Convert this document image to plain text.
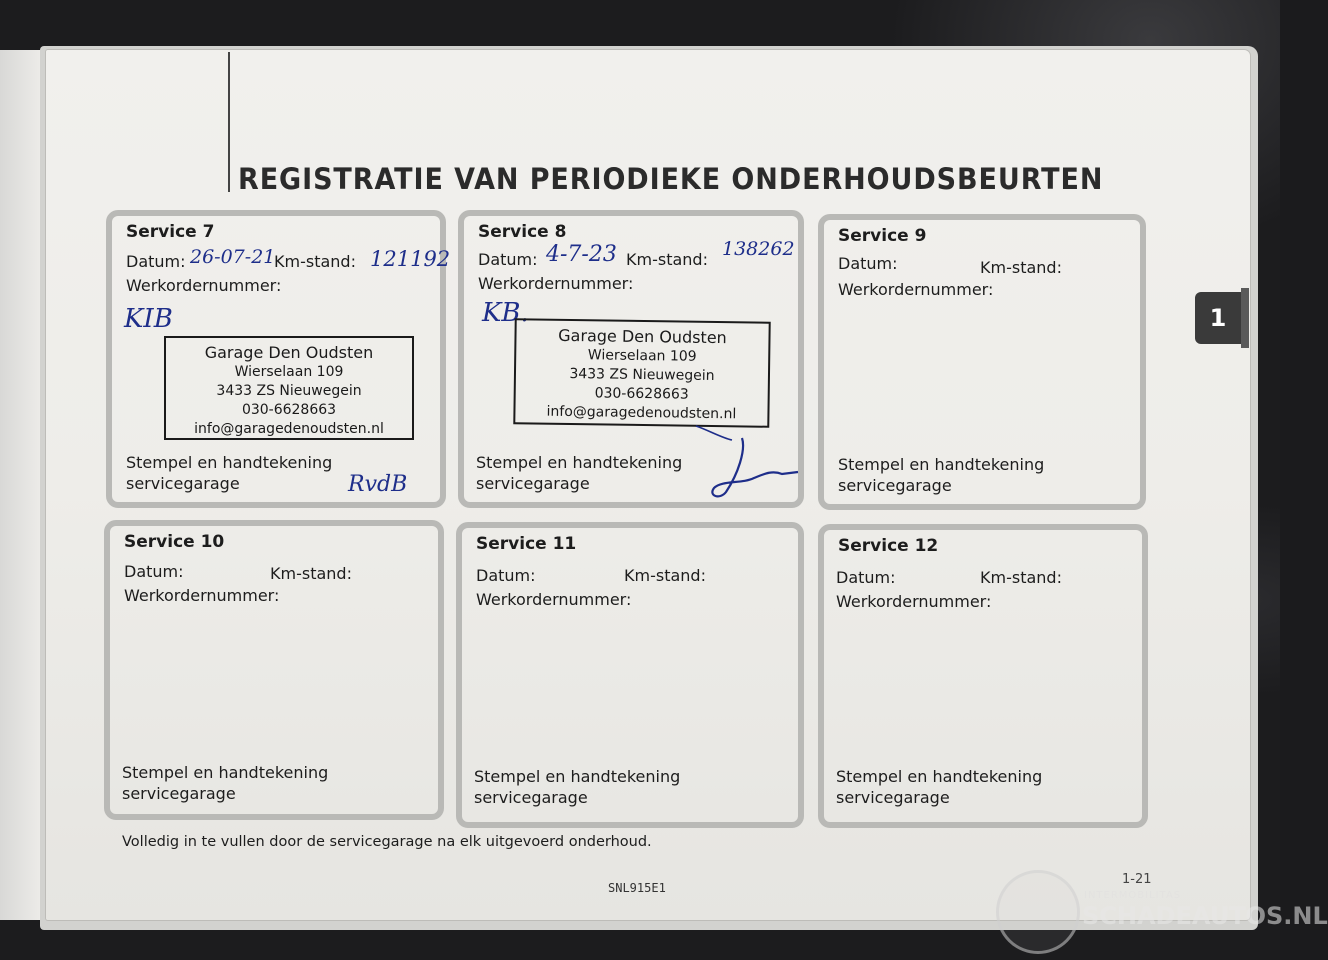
REGISTRATIE VAN PERIODIEKE ONDERHOUDSBEURTEN
Service 7
Datum: 26-07-21
Km-stand: 121192
Werkordernummer:
KIB
Garage Den Oudsten
Wierselaan 109
3433 ZS Nieuwegein
030-6628663
info@garagedenoudsten.nl
Stempel en handtekening
servicegarage	RvdB
Service 8
Datum: 4-7-23 Km-stand: 138262
Werkordernummer:
KB.
Garage Den Oudsten
Wierselaan 109
3433 ZS Nieuwegein
030-6628663
info@garagedenoudsten.nl
Stempel en handtekening
servicegarage
Service 9
Datum:	Km-stand:
Werkordernummer:
Stempel en handtekening
servicegarage
Service 10
Datum:	Km-stand:
Werkordernummer:
Stempel en handtekening
servicegarage
Service 11
Datum:	Km-stand:
Werkordernummer:
Stempel en handtekening
servicegarage
Service 12
Datum:	Km-stand:
Werkordernummer:
Stempel en handtekening
servicegarage
Volledig in te vullen door de servicegarage na elk uitgevoerd onderhoud.
SNL915E1
1-21
1
INTERMOBILITAS
SCHADEAUTOS.NL
